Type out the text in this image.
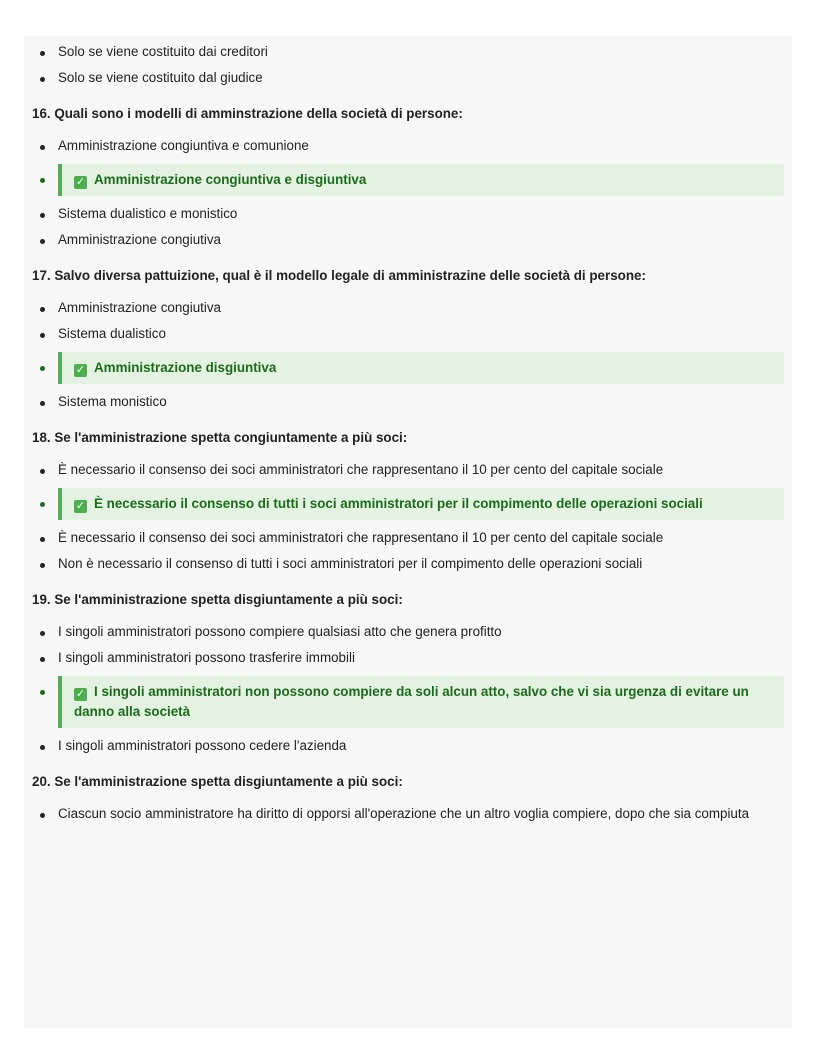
Solo se viene costituito dai creditori
Solo se viene costituito dal giudice
16. Quali sono i modelli di amminstrazione della società di persone:
Amministrazione congiuntiva e comunione
✓ Amministrazione congiuntiva e disgiuntiva
Sistema dualistico e monistico
Amministrazione congiutiva
17. Salvo diversa pattuizione, qual è il modello legale di amministrazine delle società di persone:
Amministrazione congiutiva
Sistema dualistico
✓ Amministrazione disgiuntiva
Sistema monistico
18. Se l'amministrazione spetta congiuntamente a più soci:
È necessario il consenso dei soci amministratori che rappresentano il 10 per cento del capitale sociale
✓ È necessario il consenso di tutti i soci amministratori per il compimento delle operazioni sociali
È necessario il consenso dei soci amministratori che rappresentano il 10 per cento del capitale sociale
Non è necessario il consenso di tutti i soci amministratori per il compimento delle operazioni sociali
19. Se l'amministrazione spetta disgiuntamente a più soci:
I singoli amministratori possono compiere qualsiasi atto che genera profitto
I singoli amministratori possono trasferire immobili
✓ I singoli amministratori non possono compiere da soli alcun atto, salvo che vi sia urgenza di evitare un danno alla società
I singoli amministratori possono cedere l'azienda
20. Se l'amministrazione spetta disgiuntamente a più soci:
Ciascun socio amministratore ha diritto di opporsi all'operazione che un altro voglia compiere, dopo che sia compiuta
